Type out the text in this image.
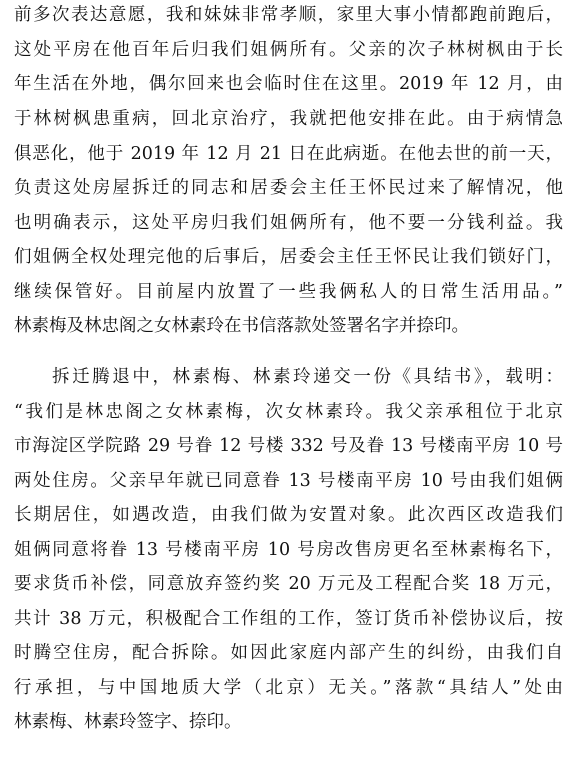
前多次表达意愿，我和妹妹非常孝顺，家里大事小情都跑前跑后，
这处平房在他百年后归我们姐俩所有。父亲的次子林树枫由于长
年生活在外地，偶尔回来也会临时住在这里。2019 年 12 月，由
于林树枫患重病，回北京治疗，我就把他安排在此。由于病情急
俱恶化，他于 2019 年 12 月 21 日在此病逝。在他去世的前一天，
负责这处房屋拆迁的同志和居委会主任王怀民过来了解情况，他
也明确表示，这处平房归我们姐俩所有，他不要一分钱利益。我
们姐俩全权处理完他的后事后，居委会主任王怀民让我们锁好门，
继续保管好。目前屋内放置了一些我俩私人的日常生活用品。”
林素梅及林忠阁之女林素玲在书信落款处签署名字并捺印。
拆迁腾退中，林素梅、林素玲递交一份《具结书》，载明：
“我们是林忠阁之女林素梅，次女林素玲。我父亲承租位于北京
市海淀区学院路 29 号眷 12 号楼 332 号及眷 13 号楼南平房 10 号
两处住房。父亲早年就已同意眷 13 号楼南平房 10 号由我们姐俩
长期居住，如遇改造，由我们做为安置对象。此次西区改造我们
姐俩同意将眷 13 号楼南平房 10 号房改售房更名至林素梅名下，
要求货币补偿，同意放弃签约奖 20 万元及工程配合奖 18 万元，
共计 38 万元，积极配合工作组的工作，签订货币补偿协议后，按
时腾空住房，配合拆除。如因此家庭内部产生的纠纷，由我们自
行承担，与中国地质大学（北京）无关。”落款“具结人”处由
林素梅、林素玲签字、捺印。
